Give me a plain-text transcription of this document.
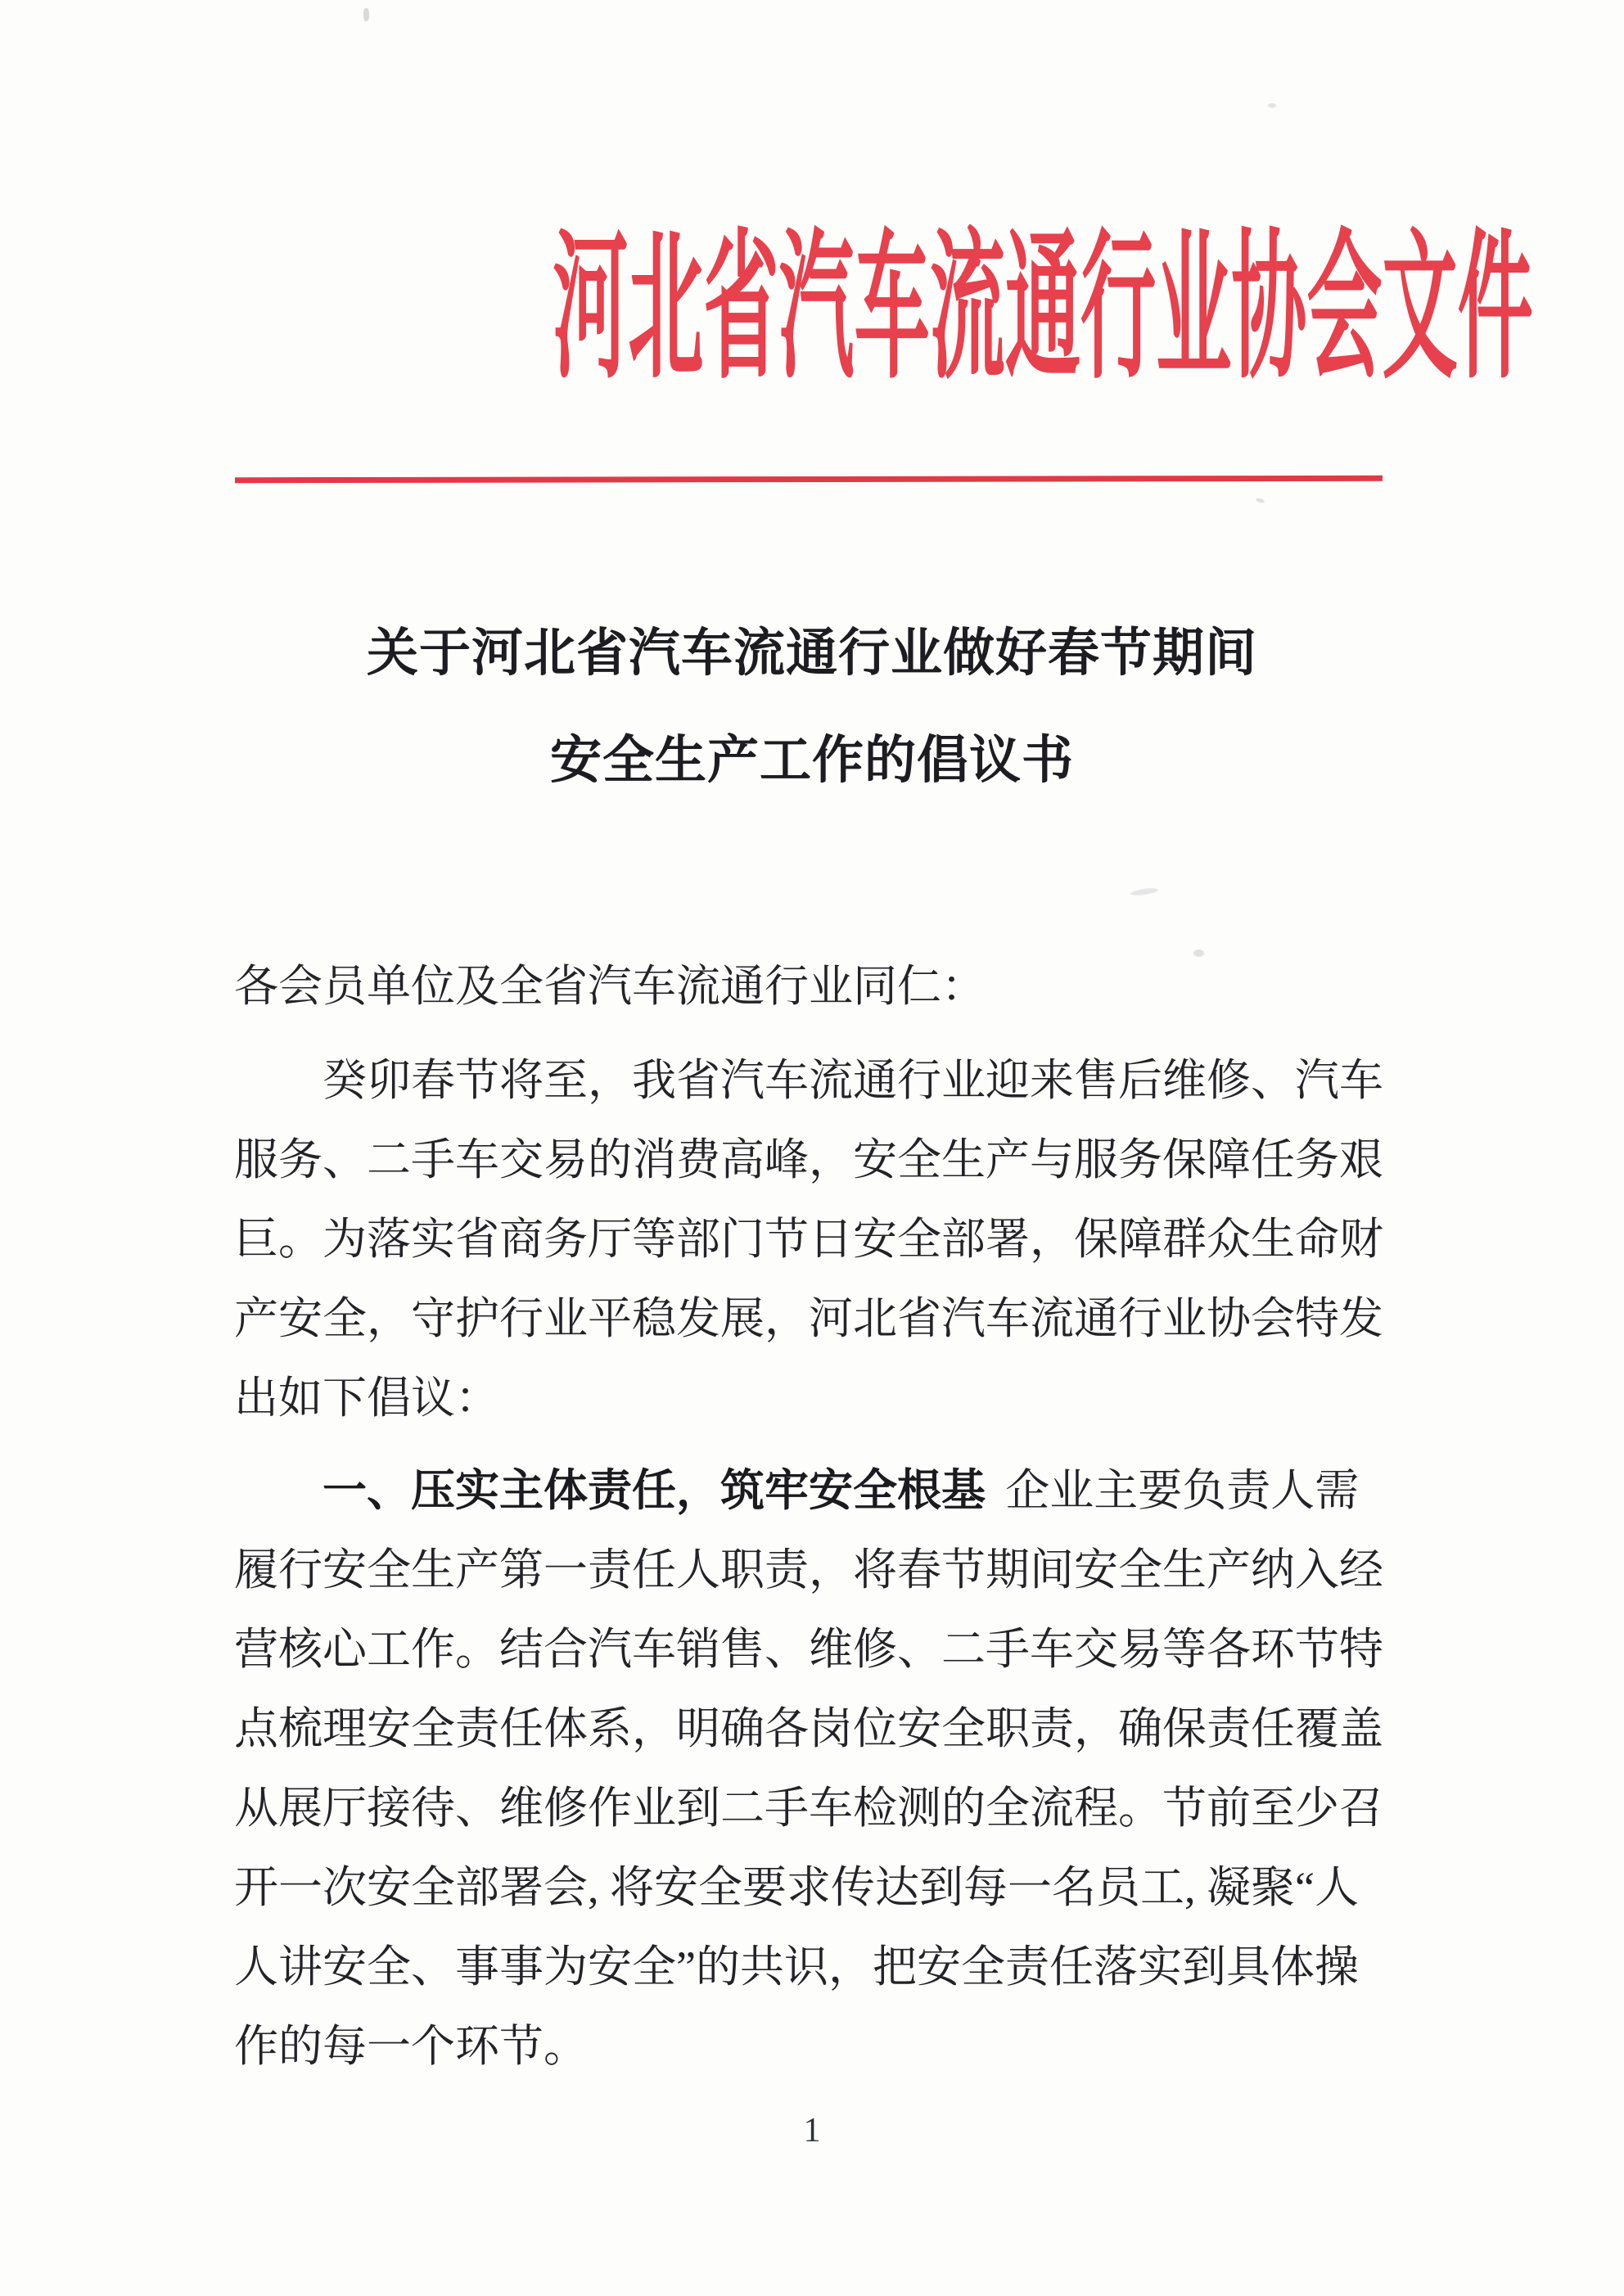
河北省汽车流通行业协会文件
关于河北省汽车流通行业做好春节期间
安全生产工作的倡议书
各会员单位及全省汽车流通行业同仁：
癸卯春节将至，我省汽车流通行业迎来售后维修、汽车
服务、二手车交易的消费高峰，安全生产与服务保障任务艰
巨。为落实省商务厅等部门节日安全部署，保障群众生命财
产安全，守护行业平稳发展，河北省汽车流通行业协会特发
出如下倡议：
一、压实主体责任，筑牢安全根基 企业主要负责人需
履行安全生产第一责任人职责，将春节期间安全生产纳入经
营核心工作。结合汽车销售、维修、二手车交易等各环节特
点梳理安全责任体系，明确各岗位安全职责，确保责任覆盖
从展厅接待、维修作业到二手车检测的全流程。节前至少召
开一次安全部署会, 将安全要求传达到每一名员工, 凝聚“人
人讲安全、事事为安全”的共识，把安全责任落实到具体操
作的每一个环节。
1
